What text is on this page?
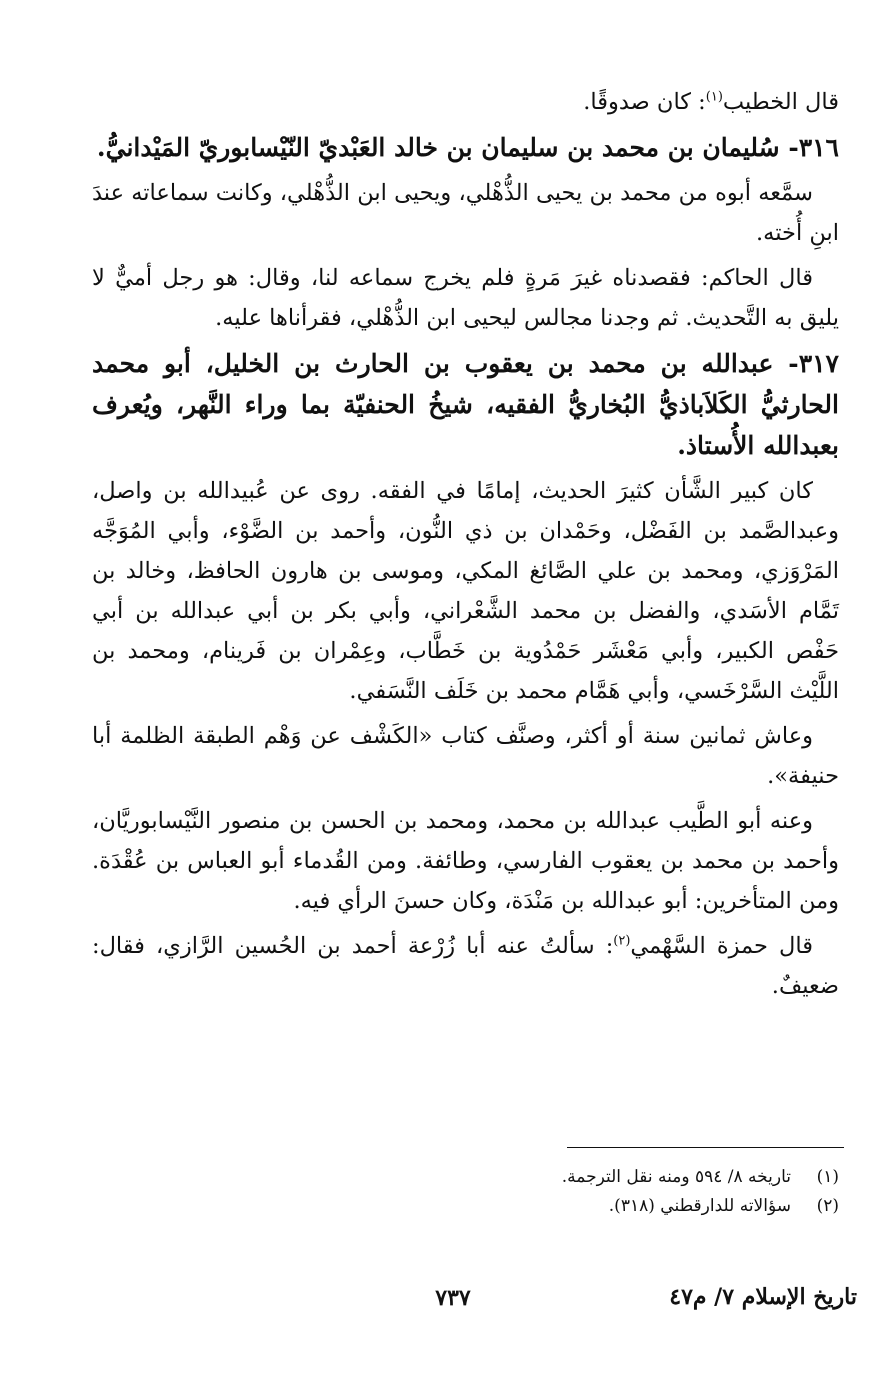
قال الخطيب$^{(١)}$: كان صدوقًا.

٣١٦- سُليمان بن محمد بن سليمان بن خالد العَبْديّ النّيْسابوريّ المَيْدانيُّ.

سمَّعه أبوه من محمد بن يحيى الذُّهْلي، ويحيى ابن الذُّهْلي، وكانت سماعاته عندَ ابنِ أُخته.

قال الحاكم: فقصدناه غيرَ مَرةٍ فلم يخرج سماعه لنا، وقال: هو رجل أميٌّ لا يليق به التَّحديث. ثم وجدنا مجالس ليحيى ابن الذُّهْلي، فقرأناها عليه.

٣١٧- عبدالله بن محمد بن يعقوب بن الحارث بن الخليل، أبو محمد الحارثيُّ الكَلاَباذيُّ البُخاريُّ الفقيه، شيخُ الحنفيّة بما وراء النَّهر، ويُعرف بعبدالله الأُستاذ.

كان كبير الشَّأن كثيرَ الحديث، إمامًا في الفقه. روى عن عُبيدالله بن واصل، وعبدالصَّمد بن الفَضْل، وحَمْدان بن ذي النُّون، وأحمد بن الضَّوْء، وأبي المُوَجَّه المَرْوَزي، ومحمد بن علي الصَّائغ المكي، وموسى بن هارون الحافظ، وخالد بن تَمَّام الأسَدي، والفضل بن محمد الشَّعْراني، وأبي بكر بن أبي عبدالله بن أبي حَفْص الكبير، وأبي مَعْشَر حَمْدُوية بن خَطَّاب، وعِمْران بن فَرينام، ومحمد بن اللَّيْث السَّرْخَسي، وأبي هَمَّام محمد بن خَلَف النَّسَفي.

وعاش ثمانين سنة أو أكثر، وصنَّف كتاب «الكَشْف عن وَهْم الطبقة الظلمة أبا حنيفة».

وعنه أبو الطَّيب عبدالله بن محمد، ومحمد بن الحسن بن منصور النَّيْسابوريَّان، وأحمد بن محمد بن يعقوب الفارسي، وطائفة. ومن القُدماء أبو العباس بن عُقْدَة. ومن المتأخرين: أبو عبدالله بن مَنْدَة، وكان حسنَ الرأي فيه.

قال حمزة السَّهْمي$^{(٢)}$: سألتُ عنه أبا زُرْعة أحمد بن الحُسين الرَّازي، فقال: ضعيفٌ.

(١)تاريخه ٨/ ٥٩٤ ومنه نقل الترجمة.
(٢)سؤالاته للدارقطني (٣١٨).
تاريخ الإسلام ٧/ م٤٧
٧٣٧
